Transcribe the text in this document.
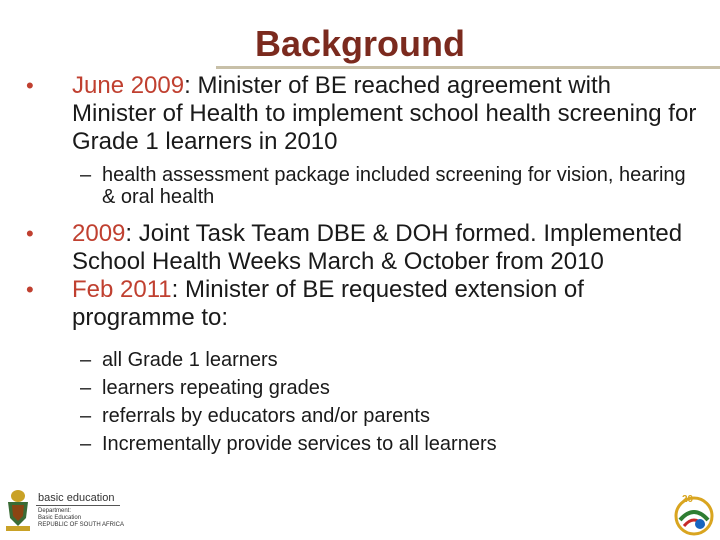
Background
• June 2009: Minister of BE reached agreement with Minister of Health to implement school health screening for Grade 1 learners in 2010
– health assessment package included screening for vision, hearing & oral health
• 2009: Joint Task Team DBE & DOH formed. Implemented School Health Weeks March & October from 2010
• Feb 2011: Minister of BE requested extension of programme to:
– all Grade 1 learners
– learners repeating grades
– referrals by educators and/or parents
– Incrementally provide services to all learners
basic education
Department:
Basic Education
REPUBLIC OF SOUTH AFRICA
20
